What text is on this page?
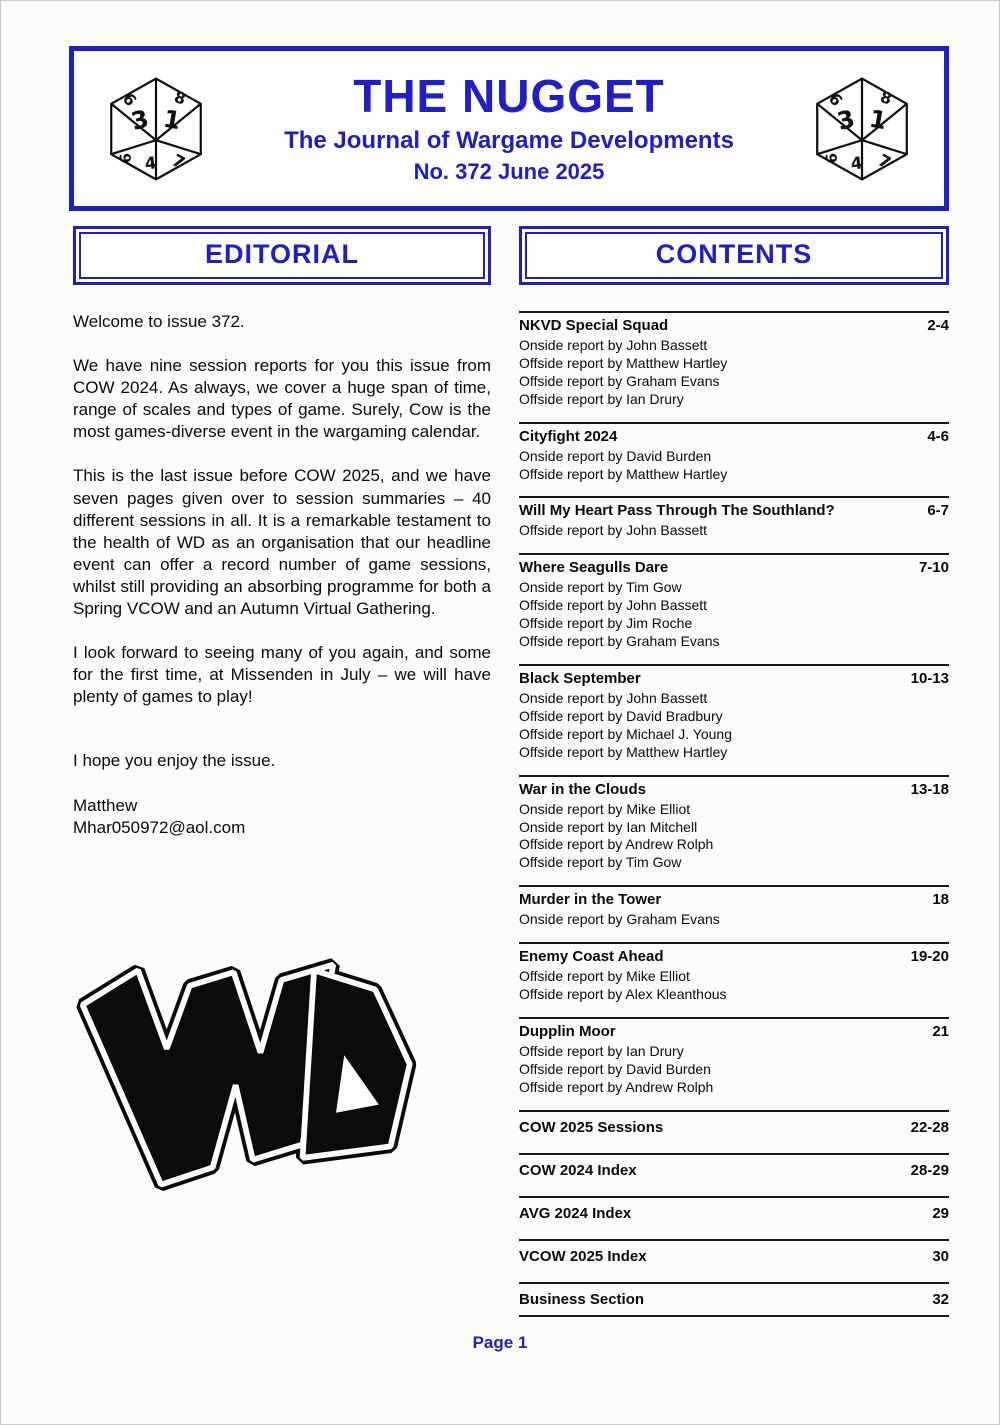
3 1
9 8
6 4 7
THE NUGGET
The Journal of Wargame Developments
No. 372 June 2025
3 1
9 8
6 4 7
EDITORIAL

Welcome to issue 372.

We have nine session reports for you this issue from COW 2024. As always, we cover a huge span of time, range of scales and types of game. Surely, Cow is the most games-diverse event in the wargaming calendar.

This is the last issue before COW 2025, and we have seven pages given over to session summaries – 40 different sessions in all. It is a remarkable testament to the health of WD as an organisation that our headline event can offer a record number of game sessions, whilst still providing an absorbing programme for both a Spring VCOW and an Autumn Virtual Gathering.

I look forward to seeing many of you again, and some for the first time, at Missenden in July – we will have plenty of games to play!

I hope you enjoy the issue.

Matthew
Mhar050972@aol.com

CONTENTS
NKVD Special Squad	2-4
Onside report by John Bassett
Offside report by Matthew Hartley
Offside report by Graham Evans
Offside report by Ian Drury
Cityfight 2024	4-6
Onside report by David Burden
Offside report by Matthew Hartley
Will My Heart Pass Through The Southland?	6-7
Offside report by John Bassett
Where Seagulls Dare	7-10
Onside report by Tim Gow
Offside report by John Bassett
Offside report by Jim Roche
Offside report by Graham Evans
Black September	10-13
Onside report by John Bassett
Offside report by David Bradbury
Offside report by Michael J. Young
Offside report by Matthew Hartley
War in the Clouds	13-18
Onside report by Mike Elliot
Onside report by Ian Mitchell
Offside report by Andrew Rolph
Offside report by Tim Gow
Murder in the Tower	18
Onside report by Graham Evans
Enemy Coast Ahead	19-20
Offside report by Mike Elliot
Offside report by Alex Kleanthous
Dupplin Moor	21
Offside report by Ian Drury
Offside report by David Burden
Offside report by Andrew Rolph
COW 2025 Sessions	22-28
COW 2024 Index	28-29
AVG 2024 Index	29
VCOW 2025 Index	30
Business Section	32
Page 1
